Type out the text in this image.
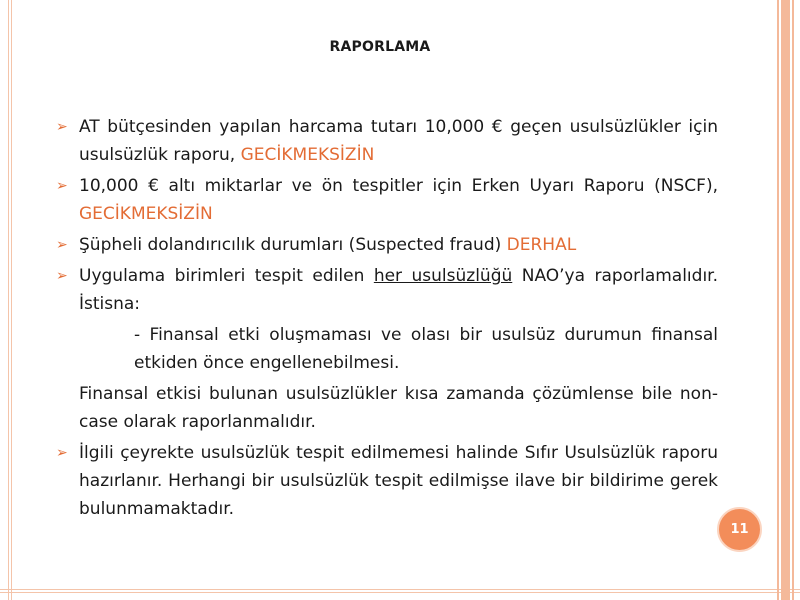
RAPORLAMA
➢ AT bütçesinden yapılan harcama tutarı 10,000 € geçen usulsüzlükler için usulsüzlük raporu, GECİKMEKSİZİN
➢ 10,000 € altı miktarlar ve ön tespitler için Erken Uyarı Raporu (NSCF), GECİKMEKSİZİN
➢ Şüpheli dolandırıcılık durumları (Suspected fraud) DERHAL
➢ Uygulama birimleri tespit edilen her usulsüzlüğü NAO’ya raporlamalıdır. İstisna:
- Finansal etki oluşmaması ve olası bir usulsüz durumun finansal etkiden önce engellenebilmesi.
Finansal etkisi bulunan usulsüzlükler kısa zamanda çözümlense bile non-case olarak raporlanmalıdır.
➢ İlgili çeyrekte usulsüzlük tespit edilmemesi halinde Sıfır Usulsüzlük raporu hazırlanır. Herhangi bir usulsüzlük tespit edilmişse ilave bir bildirime gerek bulunmamaktadır.
11
